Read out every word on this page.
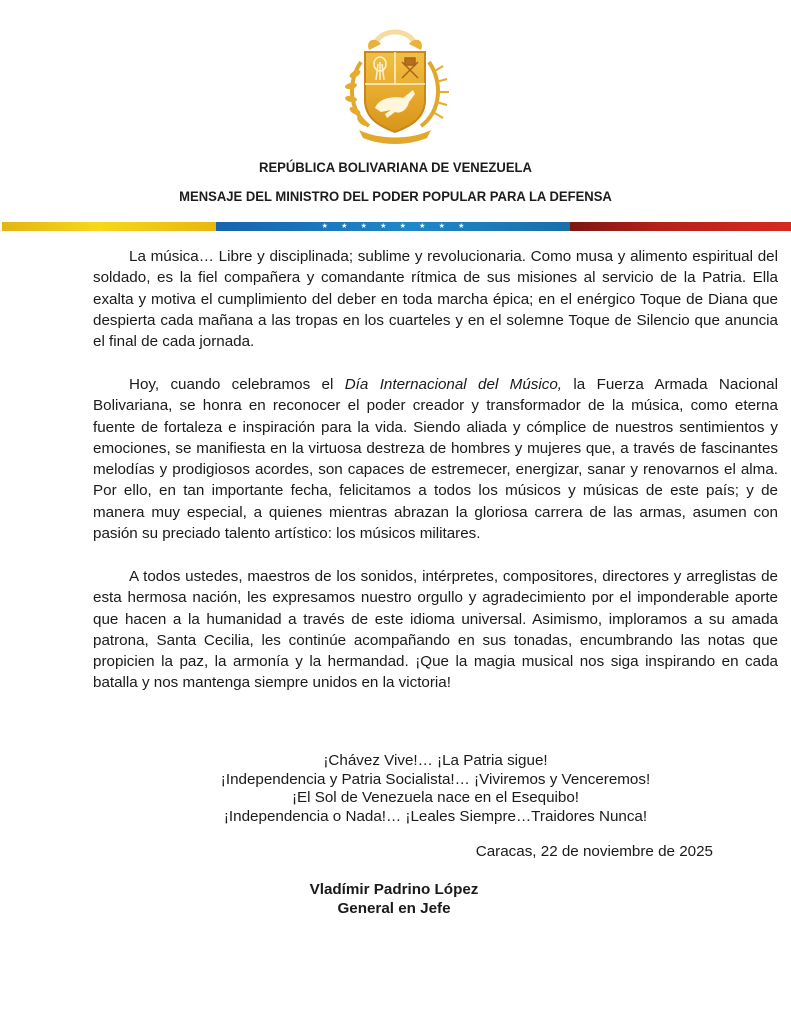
REPÚBLICA BOLIVARIANA DE VENEZUELA
MENSAJE DEL MINISTRO DEL PODER POPULAR PARA LA DEFENSA
★	★	★	★	★	★	★	★

La música… Libre y disciplinada; sublime y revolucionaria. Como musa y alimento espiritual del soldado, es la fiel compañera y comandante rítmica de sus misiones al servicio de la Patria. Ella exalta y motiva el cumplimiento del deber en toda marcha épica; en el enérgico Toque de Diana que despierta cada mañana a las tropas en los cuarteles y en el solemne Toque de Silencio que anuncia el final de cada jornada.

Hoy, cuando celebramos el Día Internacional del Músico, la Fuerza Armada Nacional Bolivariana, se honra en reconocer el poder creador y transformador de la música, como eterna fuente de fortaleza e inspiración para la vida. Siendo aliada y cómplice de nuestros sentimientos y emociones, se manifiesta en la virtuosa destreza de hombres y mujeres que, a través de fascinantes melodías y prodigiosos acordes, son capaces de estremecer, energizar, sanar y renovarnos el alma. Por ello, en tan importante fecha, felicitamos a todos los músicos y músicas de este país; y de manera muy especial, a quienes mientras abrazan la gloriosa carrera de las armas, asumen con pasión su preciado talento artístico: los músicos militares.

A todos ustedes, maestros de los sonidos, intérpretes, compositores, directores y arreglistas de esta hermosa nación, les expresamos nuestro orgullo y agradecimiento por el imponderable aporte que hacen a la humanidad a través de este idioma universal. Asimismo, imploramos a su amada patrona, Santa Cecilia, les continúe acompañando en sus tonadas, encumbrando las notas que propicien la paz, la armonía y la hermandad. ¡Que la magia musical nos siga inspirando en cada batalla y nos mantenga siempre unidos en la victoria!

¡Chávez Vive!… ¡La Patria sigue!
¡Independencia y Patria Socialista!… ¡Viviremos y Venceremos!
¡El Sol de Venezuela nace en el Esequibo!
¡Independencia o Nada!… ¡Leales Siempre…Traidores Nunca!
Caracas, 22 de noviembre de 2025
Vladímir Padrino López
General en Jefe
